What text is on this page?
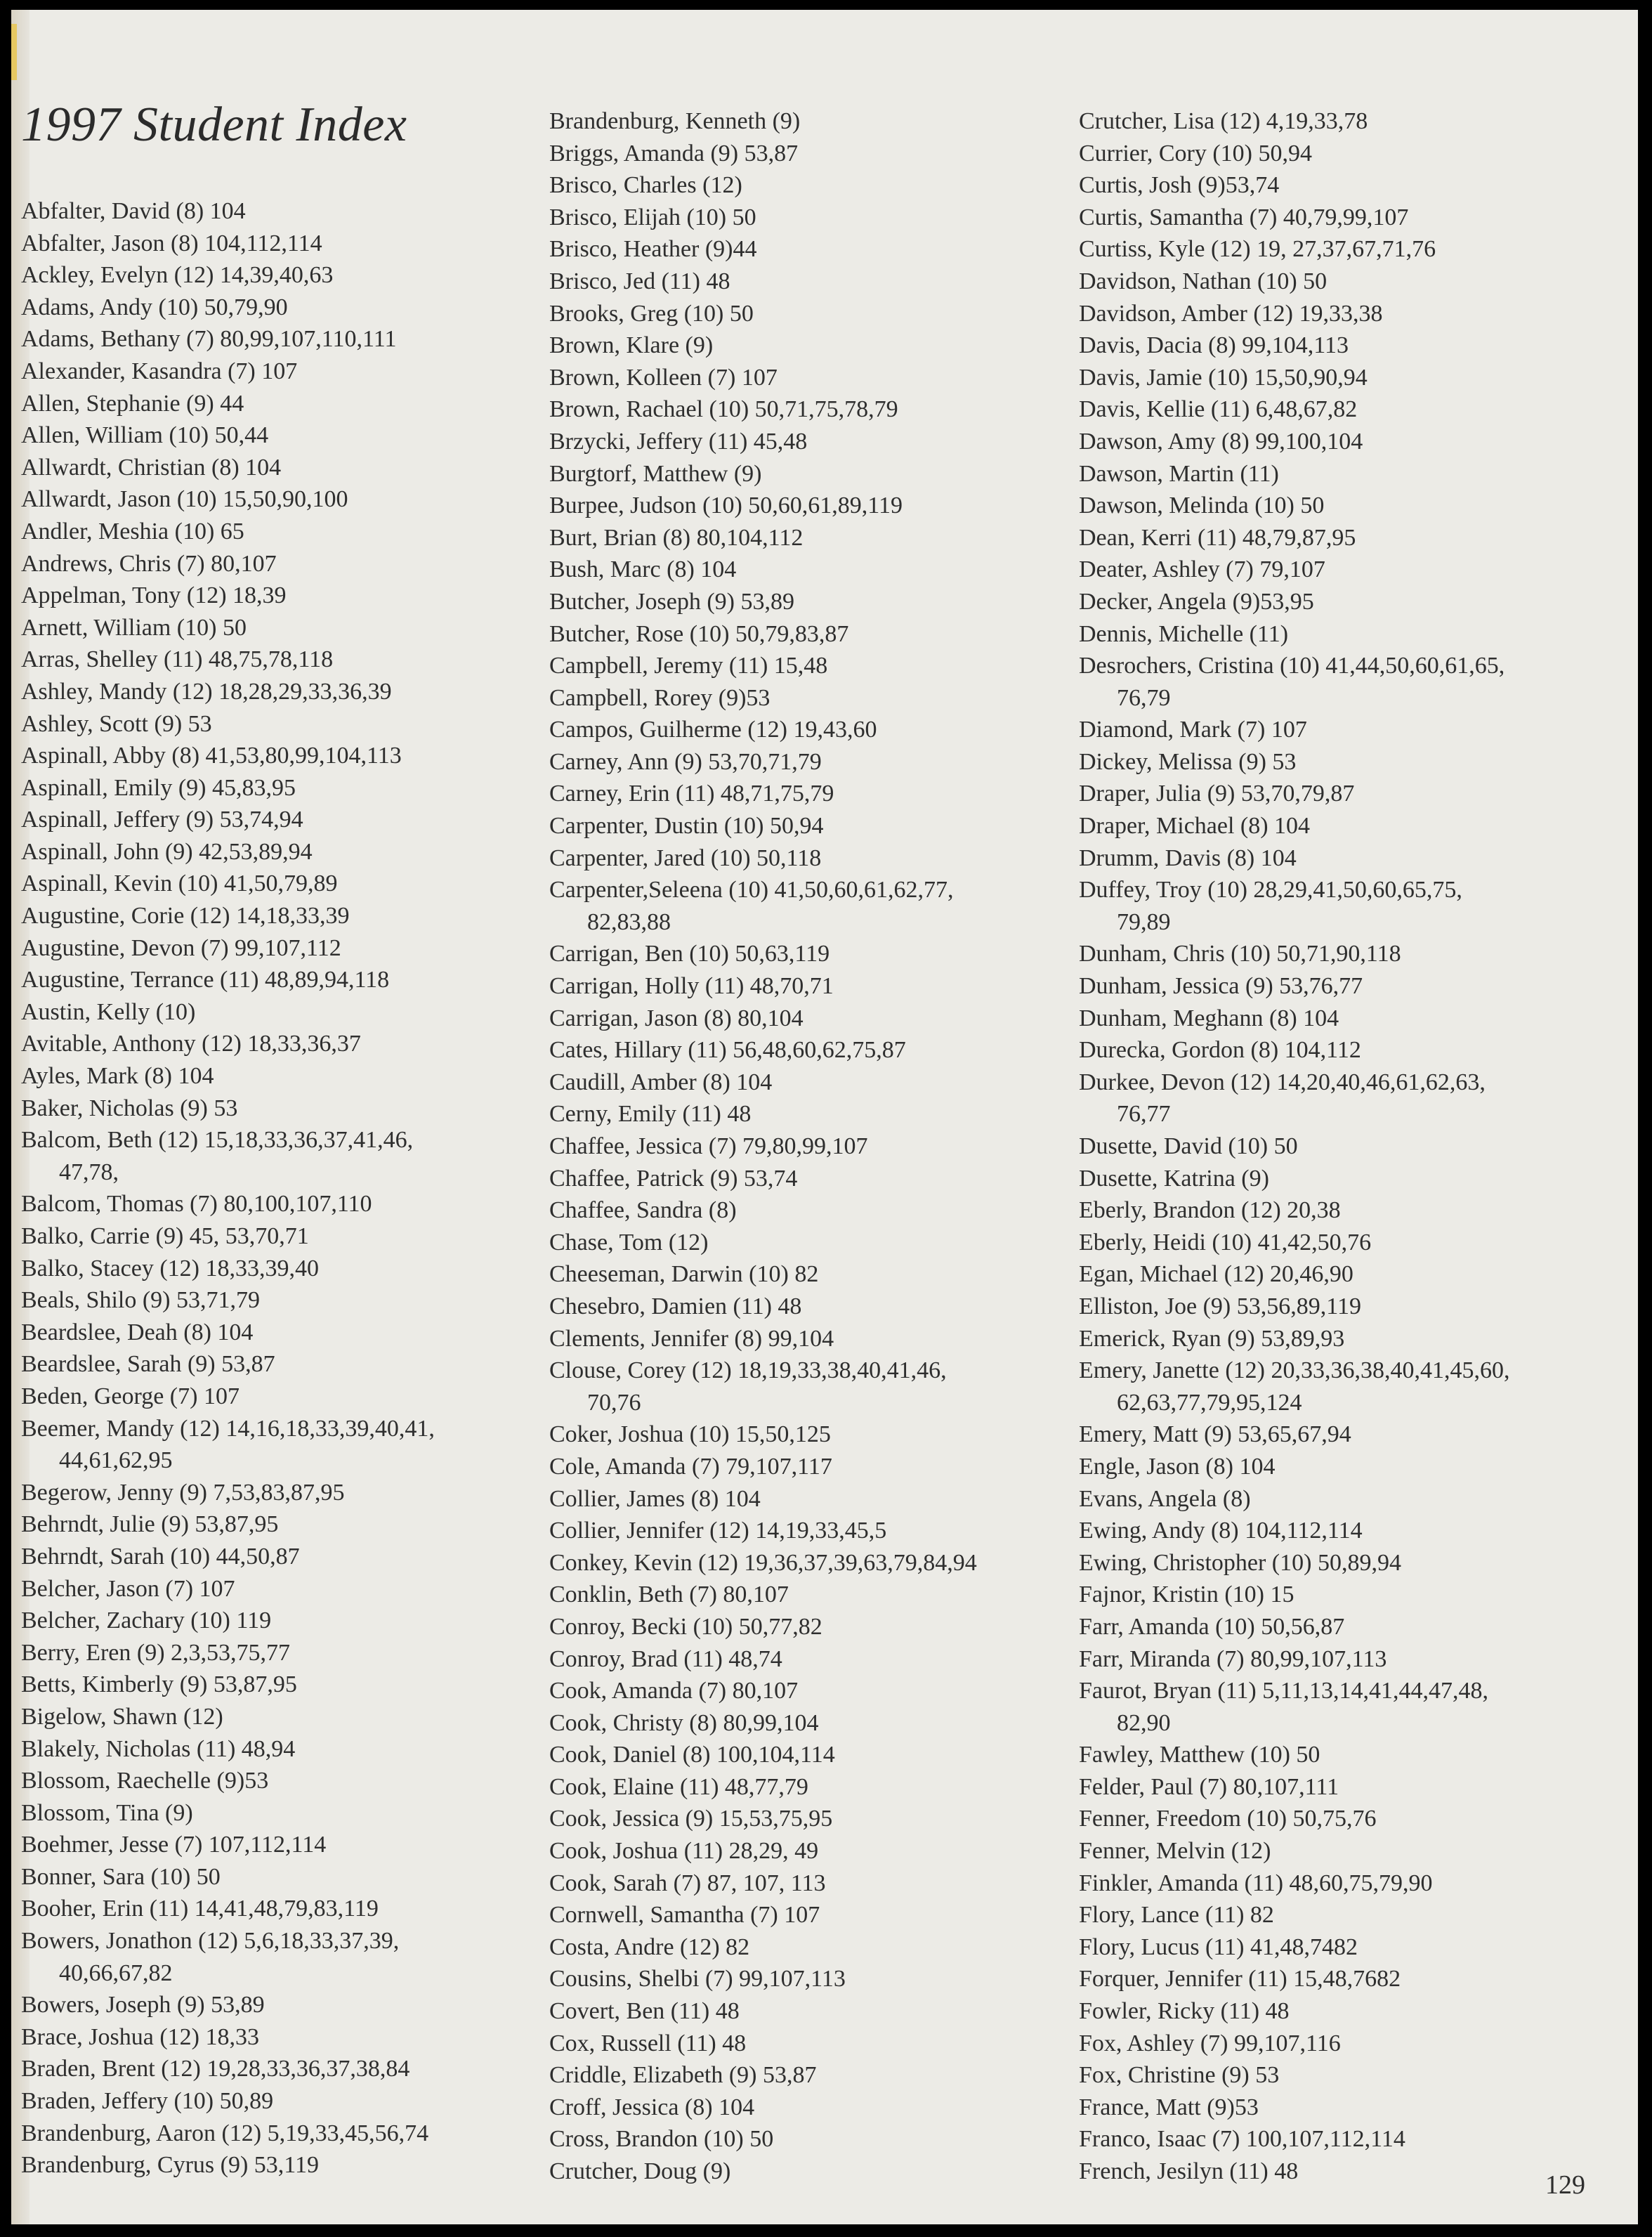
1997 Student Index
Abfalter, David (8) 104
Abfalter, Jason (8) 104,112,114
Ackley, Evelyn (12) 14,39,40,63
Adams, Andy (10) 50,79,90
Adams, Bethany (7) 80,99,107,110,111
Alexander, Kasandra (7) 107
Allen, Stephanie (9) 44
Allen, William (10) 50,44
Allwardt, Christian (8) 104
Allwardt, Jason (10) 15,50,90,100
Andler, Meshia (10) 65
Andrews, Chris (7) 80,107
Appelman, Tony (12) 18,39
Arnett, William (10) 50
Arras, Shelley (11) 48,75,78,118
Ashley, Mandy (12) 18,28,29,33,36,39
Ashley, Scott (9) 53
Aspinall, Abby (8) 41,53,80,99,104,113
Aspinall, Emily (9) 45,83,95
Aspinall, Jeffery (9) 53,74,94
Aspinall, John (9) 42,53,89,94
Aspinall, Kevin (10) 41,50,79,89
Augustine, Corie (12) 14,18,33,39
Augustine, Devon (7) 99,107,112
Augustine, Terrance (11) 48,89,94,118
Austin, Kelly (10)
Avitable, Anthony (12) 18,33,36,37
Ayles, Mark (8) 104
Baker, Nicholas (9) 53
Balcom, Beth (12) 15,18,33,36,37,41,46,
47,78,
Balcom, Thomas (7) 80,100,107,110
Balko, Carrie (9) 45, 53,70,71
Balko, Stacey (12) 18,33,39,40
Beals, Shilo (9) 53,71,79
Beardslee, Deah (8) 104
Beardslee, Sarah (9) 53,87
Beden, George (7) 107
Beemer, Mandy (12) 14,16,18,33,39,40,41,
44,61,62,95
Begerow, Jenny (9) 7,53,83,87,95
Behrndt, Julie (9) 53,87,95
Behrndt, Sarah (10) 44,50,87
Belcher, Jason (7) 107
Belcher, Zachary (10) 119
Berry, Eren (9) 2,3,53,75,77
Betts, Kimberly (9) 53,87,95
Bigelow, Shawn (12)
Blakely, Nicholas (11) 48,94
Blossom, Raechelle (9)53
Blossom, Tina (9)
Boehmer, Jesse (7) 107,112,114
Bonner, Sara (10) 50
Booher, Erin (11) 14,41,48,79,83,119
Bowers, Jonathon (12) 5,6,18,33,37,39,
40,66,67,82
Bowers, Joseph (9) 53,89
Brace, Joshua (12) 18,33
Braden, Brent (12) 19,28,33,36,37,38,84
Braden, Jeffery (10) 50,89
Brandenburg, Aaron (12) 5,19,33,45,56,74
Brandenburg, Cyrus (9) 53,119
Brandenburg, Kenneth (9)
Briggs, Amanda (9) 53,87
Brisco, Charles (12)
Brisco, Elijah (10) 50
Brisco, Heather (9)44
Brisco, Jed (11) 48
Brooks, Greg (10) 50
Brown, Klare (9)
Brown, Kolleen (7) 107
Brown, Rachael (10) 50,71,75,78,79
Brzycki, Jeffery (11) 45,48
Burgtorf, Matthew (9)
Burpee, Judson (10) 50,60,61,89,119
Burt, Brian (8) 80,104,112
Bush, Marc (8) 104
Butcher, Joseph (9) 53,89
Butcher, Rose (10) 50,79,83,87
Campbell, Jeremy (11) 15,48
Campbell, Rorey (9)53
Campos, Guilherme (12) 19,43,60
Carney, Ann (9) 53,70,71,79
Carney, Erin (11) 48,71,75,79
Carpenter, Dustin (10) 50,94
Carpenter, Jared (10) 50,118
Carpenter,Seleena (10) 41,50,60,61,62,77,
82,83,88
Carrigan, Ben (10) 50,63,119
Carrigan, Holly (11) 48,70,71
Carrigan, Jason (8) 80,104
Cates, Hillary (11) 56,48,60,62,75,87
Caudill, Amber (8) 104
Cerny, Emily (11) 48
Chaffee, Jessica (7) 79,80,99,107
Chaffee, Patrick (9) 53,74
Chaffee, Sandra (8)
Chase, Tom (12)
Cheeseman, Darwin (10) 82
Chesebro, Damien (11) 48
Clements, Jennifer (8) 99,104
Clouse, Corey (12) 18,19,33,38,40,41,46,
70,76
Coker, Joshua (10) 15,50,125
Cole, Amanda (7) 79,107,117
Collier, James (8) 104
Collier, Jennifer (12) 14,19,33,45,5
Conkey, Kevin (12) 19,36,37,39,63,79,84,94
Conklin, Beth (7) 80,107
Conroy, Becki (10) 50,77,82
Conroy, Brad (11) 48,74
Cook, Amanda (7) 80,107
Cook, Christy (8) 80,99,104
Cook, Daniel (8) 100,104,114
Cook, Elaine (11) 48,77,79
Cook, Jessica (9) 15,53,75,95
Cook, Joshua (11) 28,29, 49
Cook, Sarah (7) 87, 107, 113
Cornwell, Samantha (7) 107
Costa, Andre (12) 82
Cousins, Shelbi (7) 99,107,113
Covert, Ben (11) 48
Cox, Russell (11) 48
Criddle, Elizabeth (9) 53,87
Croff, Jessica (8) 104
Cross, Brandon (10) 50
Crutcher, Doug (9)
Crutcher, Lisa (12) 4,19,33,78
Currier, Cory (10) 50,94
Curtis, Josh (9)53,74
Curtis, Samantha (7) 40,79,99,107
Curtiss, Kyle (12) 19, 27,37,67,71,76
Davidson, Nathan (10) 50
Davidson, Amber (12) 19,33,38
Davis, Dacia (8) 99,104,113
Davis, Jamie (10) 15,50,90,94
Davis, Kellie (11) 6,48,67,82
Dawson, Amy (8) 99,100,104
Dawson, Martin (11)
Dawson, Melinda (10) 50
Dean, Kerri (11) 48,79,87,95
Deater, Ashley (7) 79,107
Decker, Angela (9)53,95
Dennis, Michelle (11)
Desrochers, Cristina (10) 41,44,50,60,61,65,
76,79
Diamond, Mark (7) 107
Dickey, Melissa (9) 53
Draper, Julia (9) 53,70,79,87
Draper, Michael (8) 104
Drumm, Davis (8) 104
Duffey, Troy (10) 28,29,41,50,60,65,75,
79,89
Dunham, Chris (10) 50,71,90,118
Dunham, Jessica (9) 53,76,77
Dunham, Meghann (8) 104
Durecka, Gordon (8) 104,112
Durkee, Devon (12) 14,20,40,46,61,62,63,
76,77
Dusette, David (10) 50
Dusette, Katrina (9)
Eberly, Brandon (12) 20,38
Eberly, Heidi (10) 41,42,50,76
Egan, Michael (12) 20,46,90
Elliston, Joe (9) 53,56,89,119
Emerick, Ryan (9) 53,89,93
Emery, Janette (12) 20,33,36,38,40,41,45,60,
62,63,77,79,95,124
Emery, Matt (9) 53,65,67,94
Engle, Jason (8) 104
Evans, Angela (8)
Ewing, Andy (8) 104,112,114
Ewing, Christopher (10) 50,89,94
Fajnor, Kristin (10) 15
Farr, Amanda (10) 50,56,87
Farr, Miranda (7) 80,99,107,113
Faurot, Bryan (11) 5,11,13,14,41,44,47,48,
82,90
Fawley, Matthew (10) 50
Felder, Paul (7) 80,107,111
Fenner, Freedom (10) 50,75,76
Fenner, Melvin (12)
Finkler, Amanda (11) 48,60,75,79,90
Flory, Lance (11) 82
Flory, Lucus (11) 41,48,7482
Forquer, Jennifer (11) 15,48,7682
Fowler, Ricky (11) 48
Fox, Ashley (7) 99,107,116
Fox, Christine (9) 53
France, Matt (9)53
Franco, Isaac (7) 100,107,112,114
French, Jesilyn (11) 48	129
